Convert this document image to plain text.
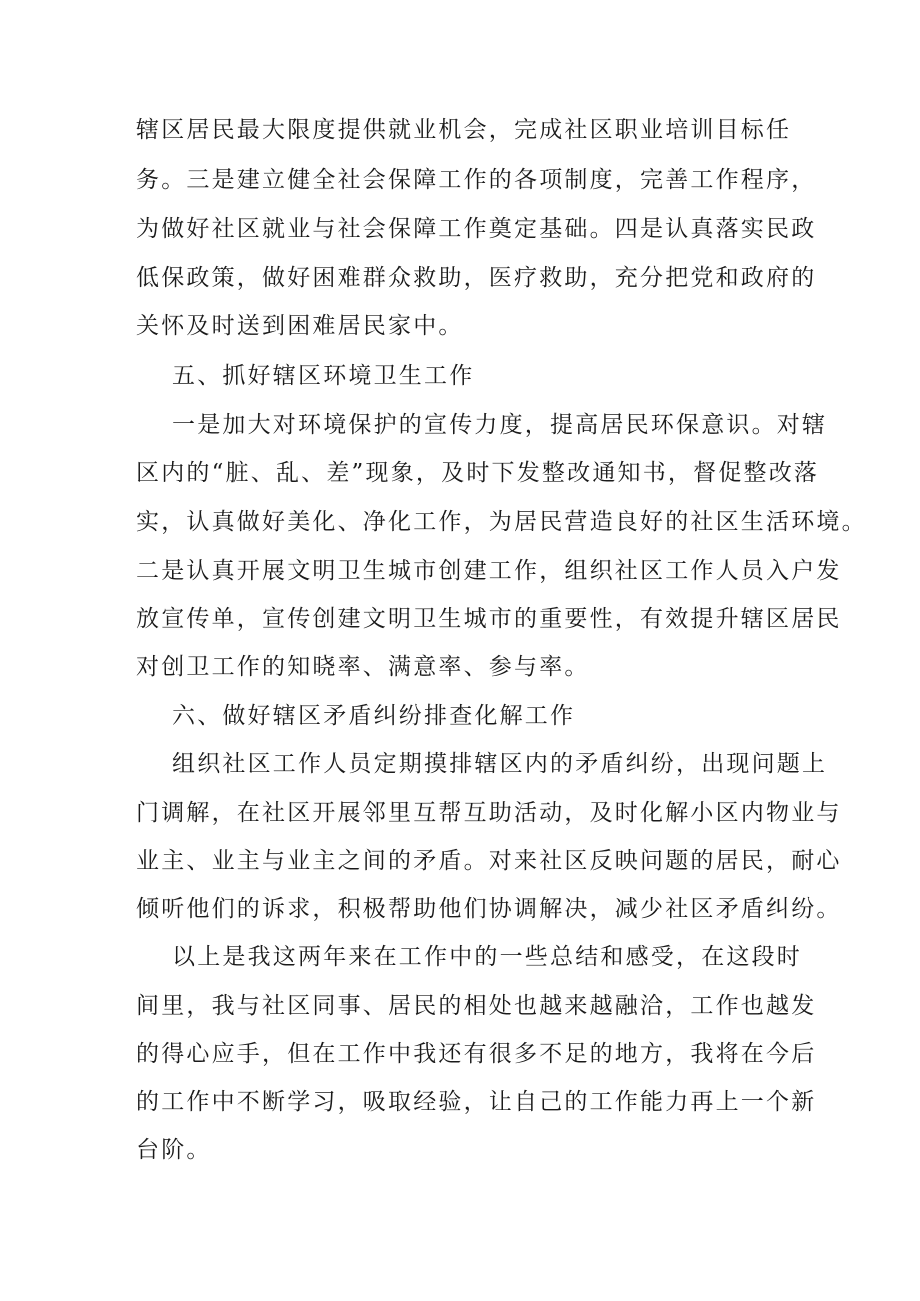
辖区居民最大限度提供就业机会，完成社区职业培训目标任
务。三是建立健全社会保障工作的各项制度，完善工作程序，
为做好社区就业与社会保障工作奠定基础。四是认真落实民政
低保政策，做好困难群众救助，医疗救助，充分把党和政府的
关怀及时送到困难居民家中。
五、抓好辖区环境卫生工作
一是加大对环境保护的宣传力度，提高居民环保意识。对辖
区内的“脏、乱、差”现象，及时下发整改通知书，督促整改落
实，认真做好美化、净化工作，为居民营造良好的社区生活环境。
二是认真开展文明卫生城市创建工作，组织社区工作人员入户发
放宣传单，宣传创建文明卫生城市的重要性，有效提升辖区居民
对创卫工作的知晓率、满意率、参与率。
六、做好辖区矛盾纠纷排查化解工作
组织社区工作人员定期摸排辖区内的矛盾纠纷，出现问题上
门调解，在社区开展邻里互帮互助活动，及时化解小区内物业与
业主、业主与业主之间的矛盾。对来社区反映问题的居民，耐心
倾听他们的诉求，积极帮助他们协调解决，减少社区矛盾纠纷。
以上是我这两年来在工作中的一些总结和感受，在这段时
间里，我与社区同事、居民的相处也越来越融洽，工作也越发
的得心应手，但在工作中我还有很多不足的地方，我将在今后
的工作中不断学习，吸取经验，让自己的工作能力再上一个新
台阶。
